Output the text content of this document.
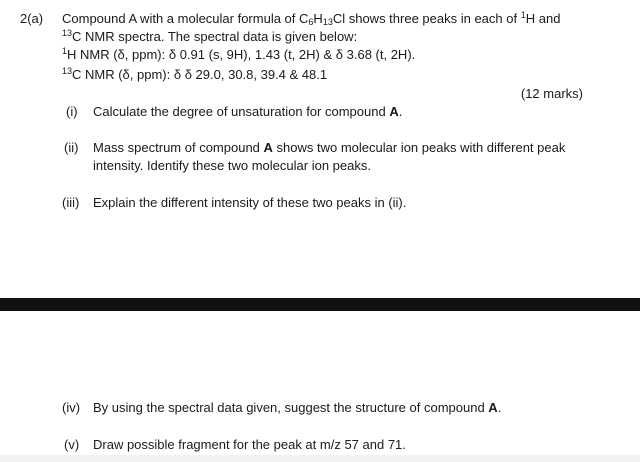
2(a) Compound A with a molecular formula of $C_6H_{13}Cl$ shows three peaks in each of $^1$H and
$^{13}$C NMR spectra. The spectral data is given below:
$^1$H NMR (δ, ppm): δ 0.91 (s, 9H), 1.43 (t, 2H) & δ 3.68 (t, 2H).
$^{13}$C NMR (δ, ppm): δ δ 29.0, 30.8, 39.4 & 48.1
(12 marks)
(i) Calculate the degree of unsaturation for compound A.
(ii) Mass spectrum of compound A shows two molecular ion peaks with different peak
intensity. Identify these two molecular ion peaks.
(iii) Explain the different intensity of these two peaks in (ii).
(iv) By using the spectral data given, suggest the structure of compound A.
(v) Draw possible fragment for the peak at m/z 57 and 71.
